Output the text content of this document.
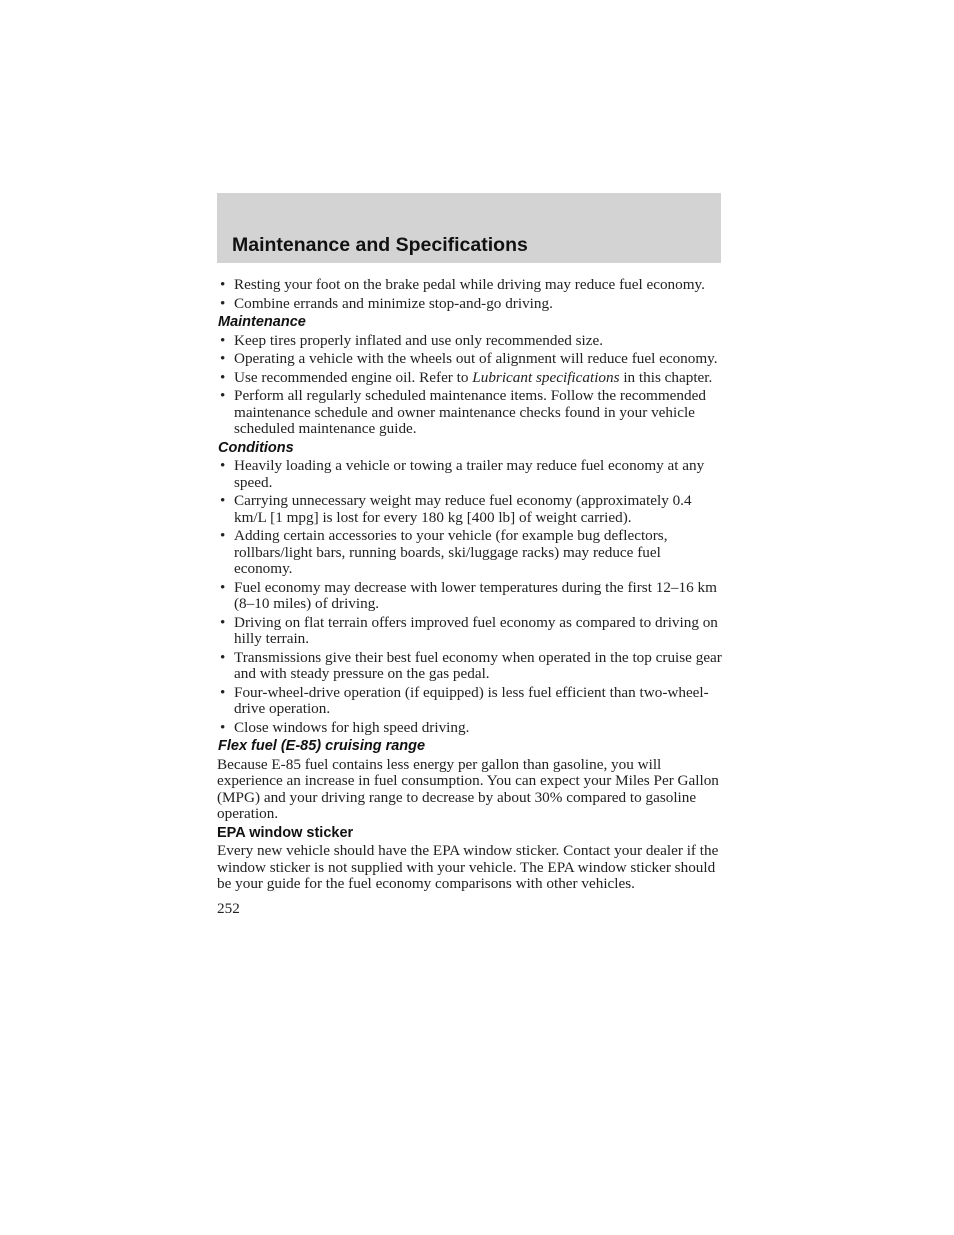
Maintenance and Specifications
• Resting your foot on the brake pedal while driving may reduce fuel economy.
• Combine errands and minimize stop-and-go driving.
Maintenance
• Keep tires properly inflated and use only recommended size.
• Operating a vehicle with the wheels out of alignment will reduce fuel economy.
• Use recommended engine oil. Refer to Lubricant specifications in this chapter.
• Perform all regularly scheduled maintenance items. Follow the recommended maintenance schedule and owner maintenance checks found in your vehicle scheduled maintenance guide.
Conditions
• Heavily loading a vehicle or towing a trailer may reduce fuel economy at any speed.
• Carrying unnecessary weight may reduce fuel economy (approximately 0.4 km/L [1 mpg] is lost for every 180 kg [400 lb] of weight carried).
• Adding certain accessories to your vehicle (for example bug deflectors, rollbars/light bars, running boards, ski/luggage racks) may reduce fuel economy.
• Fuel economy may decrease with lower temperatures during the first 12–16 km (8–10 miles) of driving.
• Driving on flat terrain offers improved fuel economy as compared to driving on hilly terrain.
• Transmissions give their best fuel economy when operated in the top cruise gear and with steady pressure on the gas pedal.
• Four-wheel-drive operation (if equipped) is less fuel efficient than two-wheel-drive operation.
• Close windows for high speed driving.
Flex fuel (E-85) cruising range

Because E-85 fuel contains less energy per gallon than gasoline, you will experience an increase in fuel consumption. You can expect your Miles Per Gallon (MPG) and your driving range to decrease by about 30% compared to gasoline operation.

EPA window sticker

Every new vehicle should have the EPA window sticker. Contact your dealer if the window sticker is not supplied with your vehicle. The EPA window sticker should be your guide for the fuel economy comparisons with other vehicles.

252
